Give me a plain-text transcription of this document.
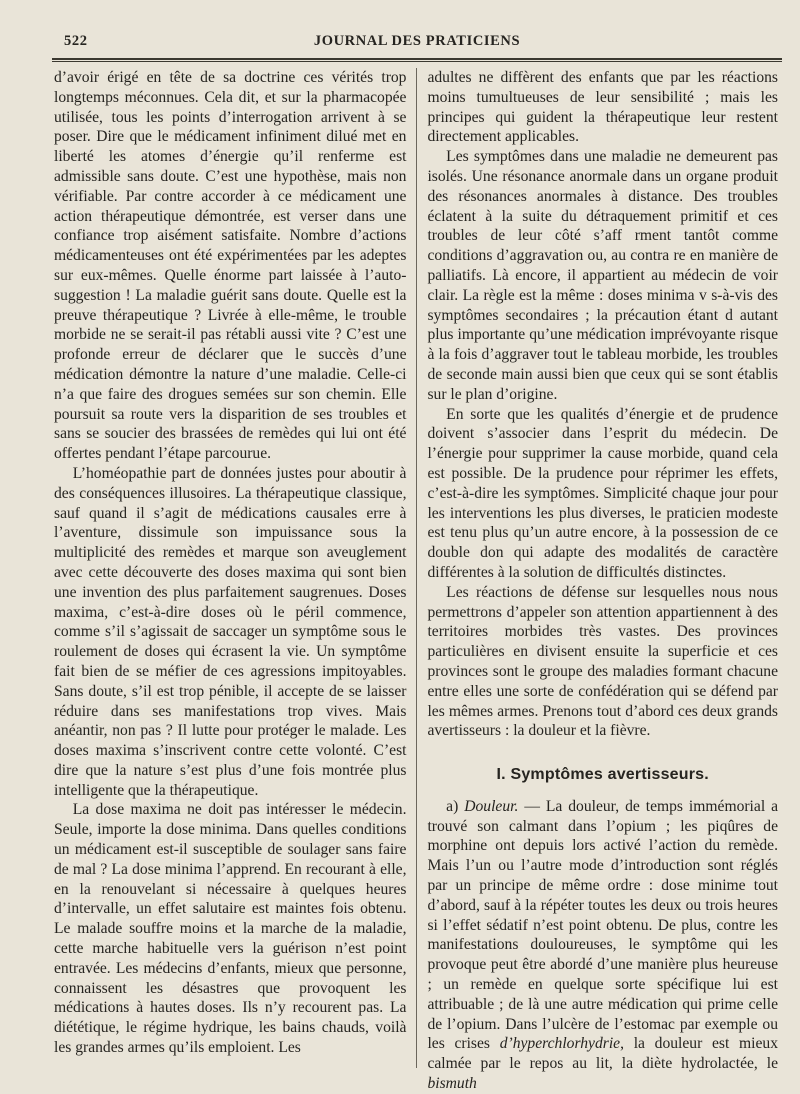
522	JOURNAL DES PRATICIENS

d’avoir érigé en tête de sa doctrine ces vérités trop longtemps méconnues. Cela dit, et sur la pharmacopée utilisée, tous les points d’interrogation arrivent à se poser. Dire que le médicament infiniment dilué met en liberté les atomes d’énergie qu’il renferme est admissible sans doute. C’est une hypothèse, mais non vérifiable. Par contre accorder à ce médicament une action thérapeutique démontrée, est verser dans une confiance trop aisément satisfaite. Nombre d’actions médicamenteuses ont été expérimentées par les adeptes sur eux-mêmes. Quelle énorme part laissée à l’auto-suggestion ! La maladie guérit sans doute. Quelle est la preuve thérapeutique ? Livrée à elle-même, le trouble morbide ne se serait-il pas rétabli aussi vite ? C’est une profonde erreur de déclarer que le succès d’une médication démontre la nature d’une maladie. Celle-ci n’a que faire des drogues semées sur son chemin. Elle poursuit sa route vers la disparition de ses troubles et sans se soucier des brassées de remèdes qui lui ont été offertes pendant l’étape parcourue.

L’homéopathie part de données justes pour aboutir à des conséquences illusoires. La thérapeutique classique, sauf quand il s’agit de médications causales erre à l’aventure, dissimule son impuissance sous la multiplicité des remèdes et marque son aveuglement avec cette découverte des doses maxima qui sont bien une invention des plus parfaitement saugrenues. Doses maxima, c’est-à-dire doses où le péril commence, comme s’il s’agissait de saccager un symptôme sous le roulement de doses qui écrasent la vie. Un symptôme fait bien de se méfier de ces agressions impitoyables. Sans doute, s’il est trop pénible, il accepte de se laisser réduire dans ses manifestations trop vives. Mais anéantir, non pas ? Il lutte pour protéger le malade. Les doses maxima s’inscrivent contre cette volonté. C’est dire que la nature s’est plus d’une fois montrée plus intelligente que la thérapeutique.

La dose maxima ne doit pas intéresser le médecin. Seule, importe la dose minima. Dans quelles conditions un médicament est-il susceptible de soulager sans faire de mal ? La dose minima l’apprend. En recourant à elle, en la renouvelant si nécessaire à quelques heures d’intervalle, un effet salutaire est maintes fois obtenu. Le malade souffre moins et la marche de la maladie, cette marche habituelle vers la guérison n’est point entravée. Les médecins d’enfants, mieux que personne, connaissent les désastres que provoquent les médications à hautes doses. Ils n’y recourent pas. La diététique, le régime hydrique, les bains chauds, voilà les grandes armes qu’ils emploient. Les

adultes ne diffèrent des enfants que par les réactions moins tumultueuses de leur sensibilité ; mais les principes qui guident la thérapeutique leur restent directement applicables.

Les symptômes dans une maladie ne demeurent pas isolés. Une résonance anormale dans un organe produit des résonances anormales à distance. Des troubles éclatent à la suite du détraquement primitif et ces troubles de leur côté s’aff rment tantôt comme conditions d’aggravation ou, au contra re en manière de palliatifs. Là encore, il appartient au médecin de voir clair. La règle est la même : doses minima v s-à-vis des symptômes secondaires ; la précaution étant d autant plus importante qu’une médication imprévoyante risque à la fois d’aggraver tout le tableau morbide, les troubles de seconde main aussi bien que ceux qui se sont établis sur le plan d’origine.

En sorte que les qualités d’énergie et de prudence doivent s’associer dans l’esprit du médecin. De l’énergie pour supprimer la cause morbide, quand cela est possible. De la prudence pour réprimer les effets, c’est-à-dire les symptômes. Simplicité chaque jour pour les interventions les plus diverses, le praticien modeste est tenu plus qu’un autre encore, à la possession de ce double don qui adapte des modalités de caractère différentes à la solution de difficultés distinctes.

Les réactions de défense sur lesquelles nous nous permettrons d’appeler son attention appartiennent à des territoires morbides très vastes. Des provinces particulières en divisent ensuite la superficie et ces provinces sont le groupe des maladies formant chacune entre elles une sorte de confédération qui se défend par les mêmes armes. Prenons tout d’abord ces deux grands avertisseurs : la douleur et la fièvre.

I. Symptômes avertisseurs.

a) Douleur. — La douleur, de temps immémorial a trouvé son calmant dans l’opium ; les piqûres de morphine ont depuis lors activé l’action du remède. Mais l’un ou l’autre mode d’introduction sont réglés par un principe de même ordre : dose minime tout d’abord, sauf à la répéter toutes les deux ou trois heures si l’effet sédatif n’est point obtenu. De plus, contre les manifestations douloureuses, le symptôme qui les provoque peut être abordé d’une manière plus heureuse ; un remède en quelque sorte spécifique lui est attribuable ; de là une autre médication qui prime celle de l’opium. Dans l’ulcère de l’estomac par exemple ou les crises d’hyperchlorhydrie, la douleur est mieux calmée par le repos au lit, la diète hydrolactée, le bismuth
